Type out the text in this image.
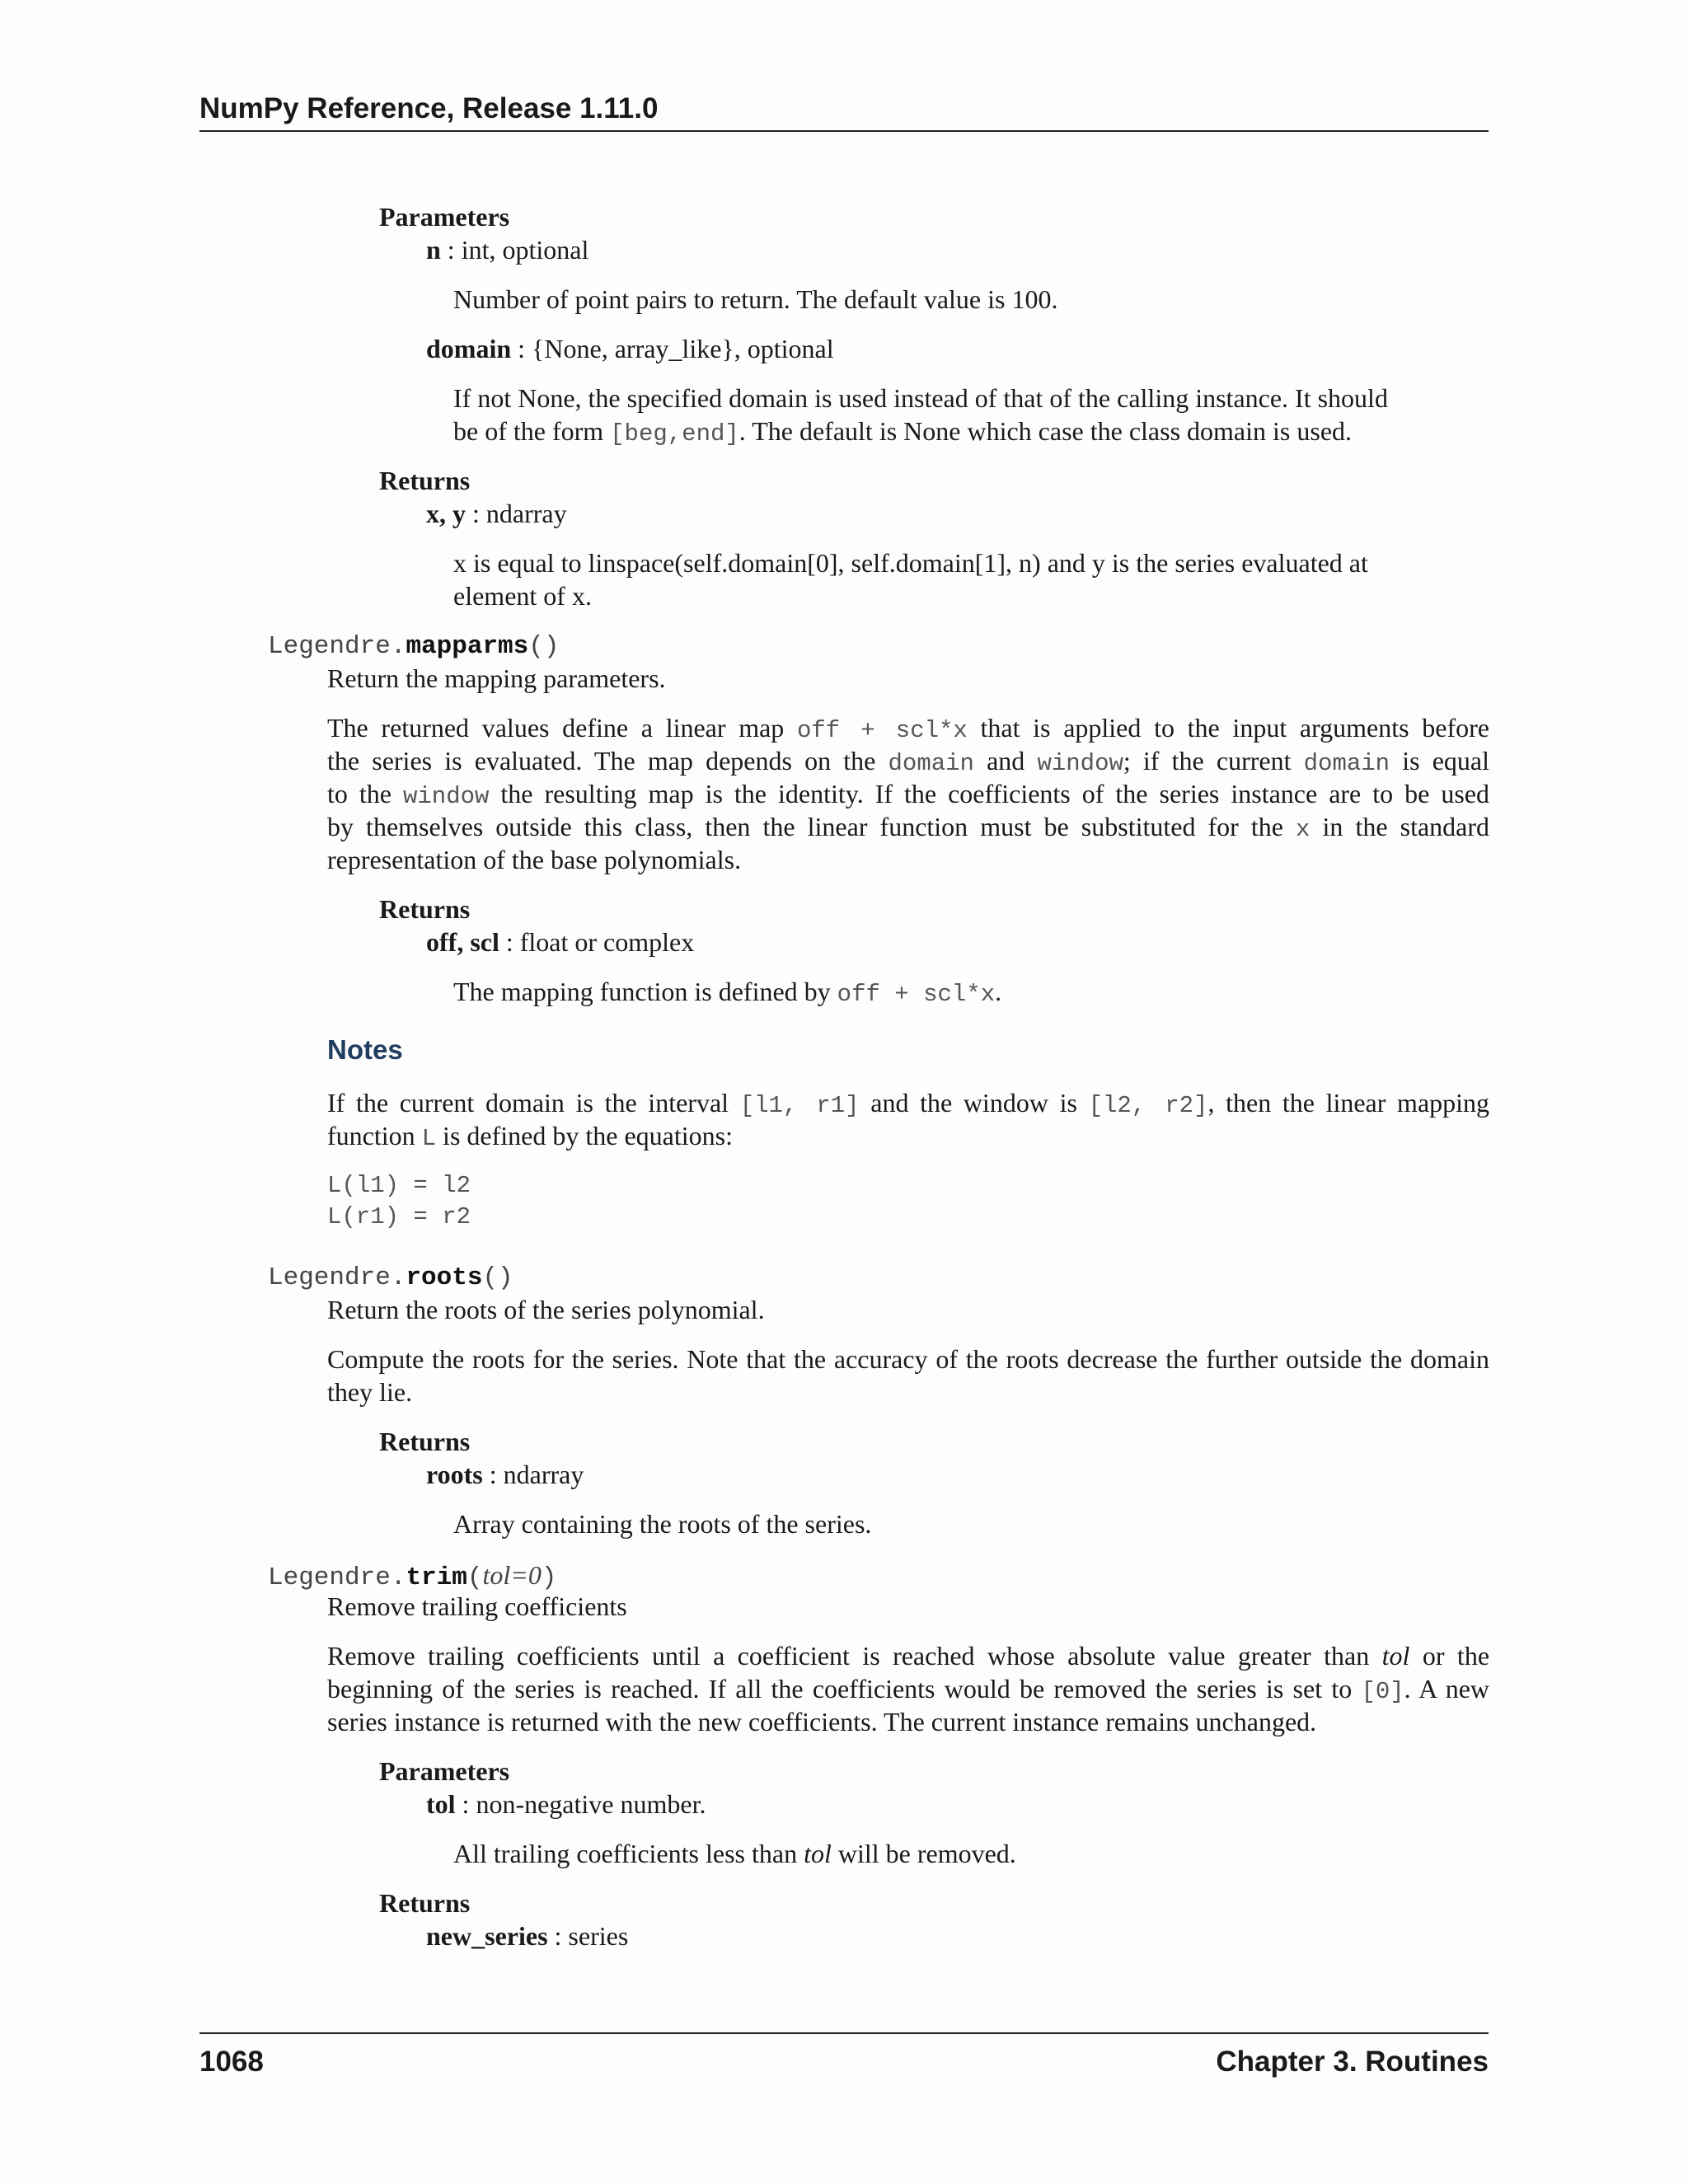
NumPy Reference, Release 1.11.0
Parameters
n : int, optional
Number of point pairs to return. The default value is 100.
domain : {None, array_like}, optional
If not None, the specified domain is used instead of that of the calling instance. It should
be of the form [beg,end]. The default is None which case the class domain is used.
Returns
x, y : ndarray
x is equal to linspace(self.domain[0], self.domain[1], n) and y is the series evaluated at
element of x.
Legendre.mapparms()
Return the mapping parameters.
The returned values define a linear map off + scl*x that is applied to the input arguments before
the series is evaluated. The map depends on the domain and window; if the current domain is equal
to the window the resulting map is the identity. If the coefficients of the series instance are to be used
by themselves outside this class, then the linear function must be substituted for the x in the standard
representation of the base polynomials.
Returns
off, scl : float or complex
The mapping function is defined by off + scl*x.
Notes
If the current domain is the interval [l1, r1] and the window is [l2, r2], then the linear mapping
function L is defined by the equations:
L(l1) = l2
L(r1) = r2
Legendre.roots()
Return the roots of the series polynomial.
Compute the roots for the series. Note that the accuracy of the roots decrease the further outside the domain
they lie.
Returns
roots : ndarray
Array containing the roots of the series.
Legendre.trim(tol=0)
Remove trailing coefficients
Remove trailing coefficients until a coefficient is reached whose absolute value greater than tol or the
beginning of the series is reached. If all the coefficients would be removed the series is set to [0]. A new
series instance is returned with the new coefficients. The current instance remains unchanged.
Parameters
tol : non-negative number.
All trailing coefficients less than tol will be removed.
Returns
new_series : series
1068	Chapter 3. Routines
